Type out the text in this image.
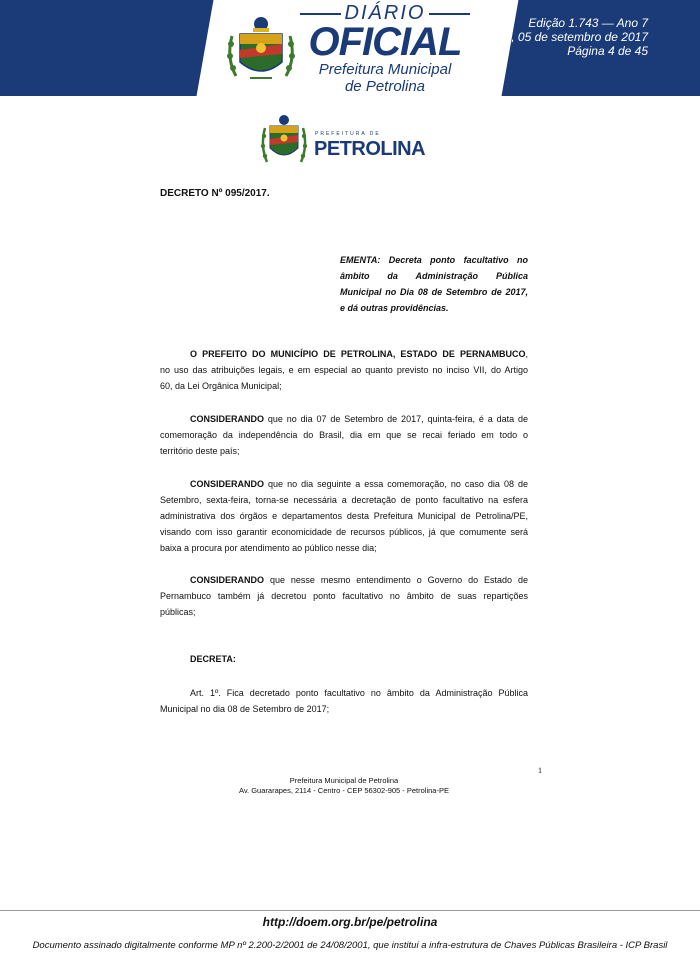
DIÁRIO
OFICIAL
Prefeitura Municipal
de Petrolina
Edição 1.743 — Ano 7
terça, 05 de setembro de 2017
Página 4 de 45
PREFEITURA DE
PETROLINA
DECRETO Nº 095/2017.
EMENTA: Decreta ponto facultativo no
âmbito da Administração Pública
Municipal no Dia 08 de Setembro de 2017,
e dá outras providências.
O PREFEITO DO MUNICÍPIO DE PETROLINA, ESTADO DE PERNAMBUCO,
no uso das atribuições legais, e em especial ao quanto previsto no inciso VII, do Artigo
60, da Lei Orgânica Municipal;
CONSIDERANDO que no dia 07 de Setembro de 2017, quinta-feira, é a data de
comemoração da independência do Brasil, dia em que se recai feriado em todo o
território deste país;
CONSIDERANDO que no dia seguinte a essa comemoração, no caso dia 08 de
Setembro, sexta-feira, torna-se necessária a decretação de ponto facultativo na esfera
administrativa dos órgãos e departamentos desta Prefeitura Municipal de Petrolina/PE,
visando com isso garantir economicidade de recursos públicos, já que comumente será
baixa a procura por atendimento ao público nesse dia;
CONSIDERANDO que nesse mesmo entendimento o Governo do Estado de
Pernambuco também já decretou ponto facultativo no âmbito de suas repartições
públicas;
DECRETA:
Art. 1º. Fica decretado ponto facultativo no âmbito da Administração Pública
Municipal no dia 08 de Setembro de 2017;
1
Prefeitura Municipal de Petrolina
Av. Guararapes, 2114 - Centro - CEP 56302-905 - Petrolina-PE
http://doem.org.br/pe/petrolina
Documento assinado digitalmente conforme MP nº 2.200-2/2001 de 24/08/2001, que institui a infra-estrutura de Chaves Públicas Brasileira - ICP Brasil
